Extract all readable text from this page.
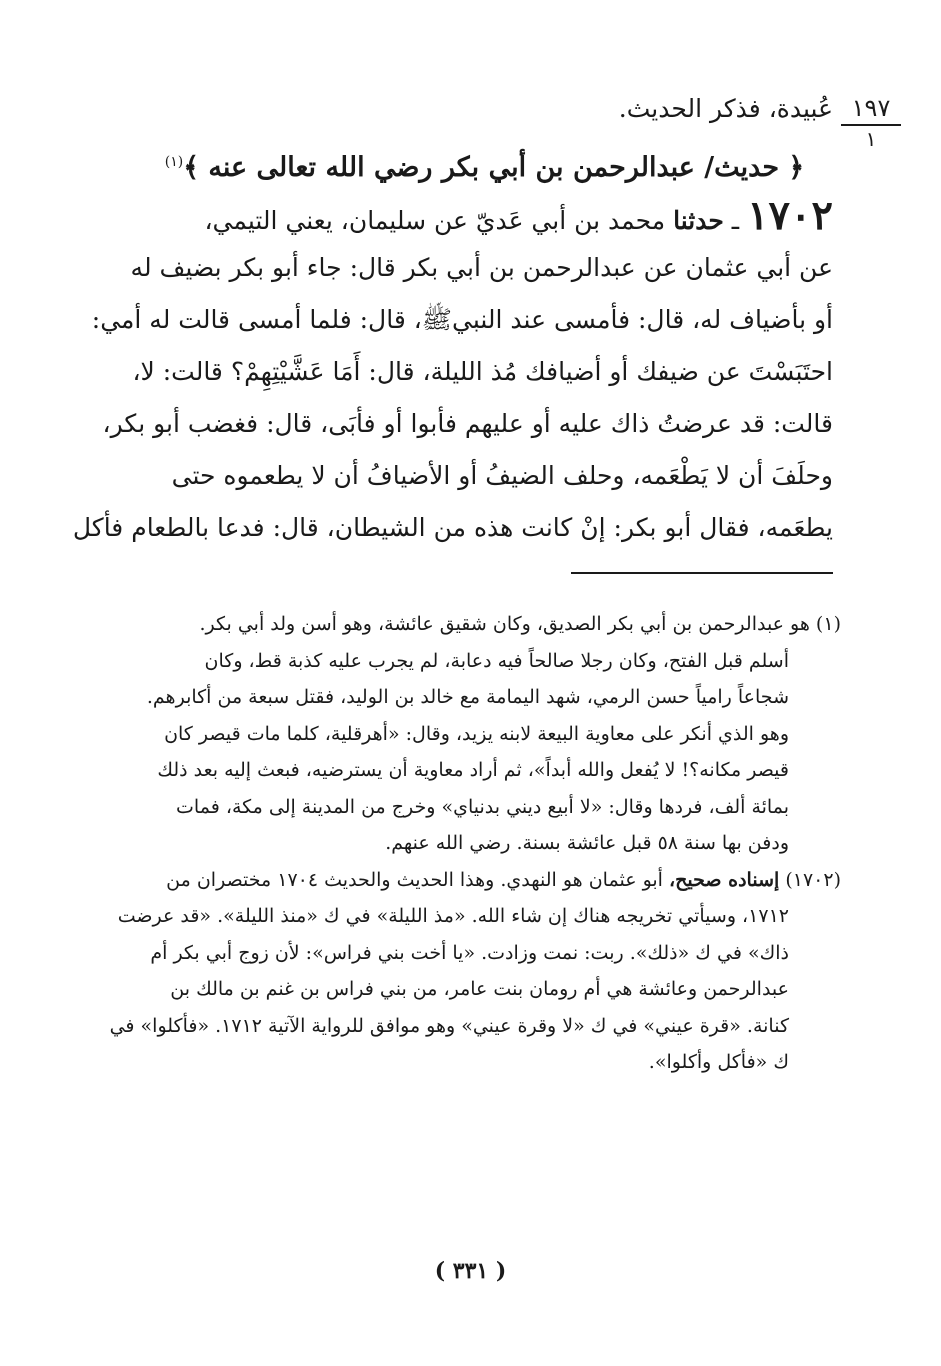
١٩٧
١
عُبيدة، فذكر الحديث.
﴿ حديث/ عبدالرحمن بن أبي بكر رضي الله تعالى عنه ﴾$^{(١)}$
١٧٠٢ ـ حدثنا محمد بن أبي عَديّ عن سليمان، يعني التيمي،
عن أبي عثمان عن عبدالرحمن بن أبي بكر قال: جاء أبو بكر بضيف له
أو بأضياف له، قال: فأمسى عند النبيﷺ، قال: فلما أمسى قالت له أمي:
احتَبَسْتَ عن ضيفك أو أضيافك مُذ الليلة، قال: أَمَا عَشَّيْتِهِمْ؟ قالت: لا،
قالت: قد عرضتُ ذاك عليه أو عليهم فأبوا أو فأبَى، قال: فغضب أبو بكر،
وحلَفَ أن لا يَطْعَمه، وحلف الضيفُ أو الأضيافُ أن لا يطعموه حتى
يطعَمه، فقال أبو بكر: إنْ كانت هذه من الشيطان، قال: فدعا بالطعام فأكل
(١) هو عبدالرحمن بن أبي بكر الصديق، وكان شقيق عائشة، وهو أسن ولد أبي بكر.
أسلم قبل الفتح، وكان رجلا صالحاً فيه دعابة، لم يجرب عليه كذبة قط، وكان
شجاعاً رامياً حسن الرمي، شهد اليمامة مع خالد بن الوليد، فقتل سبعة من أكابرهم.
وهو الذي أنكر على معاوية البيعة لابنه يزيد، وقال: «أهرقلية، كلما مات قيصر كان
قيصر مكانه؟! لا يُفعل والله أبداً»، ثم أراد معاوية أن يسترضيه، فبعث إليه بعد ذلك
بمائة ألف، فردها وقال: «لا أبيع ديني بدنياي» وخرج من المدينة إلى مكة، فمات
ودفن بها سنة ٥٨ قبل عائشة بسنة. رضي الله عنهم.
(١٧٠٢) إسناده صحيح، أبو عثمان هو النهدي. وهذا الحديث والحديث ١٧٠٤ مختصران من
١٧١٢، وسيأتي تخريجه هناك إن شاء الله. «مذ الليلة» في ك «منذ الليلة». «قد عرضت
ذاك» في ك «ذلك». ربت: نمت وزادت. «يا أخت بني فراس»: لأن زوج أبي بكر أم
عبدالرحمن وعائشة هي أم رومان بنت عامر، من بني فراس بن غنم بن مالك بن
كنانة. «قرة عيني» في ك «لا وقرة عيني» وهو موافق للرواية الآتية ١٧١٢. «فأكلوا» في
ك «فأكل وأكلوا».
( ٣٣١ )
